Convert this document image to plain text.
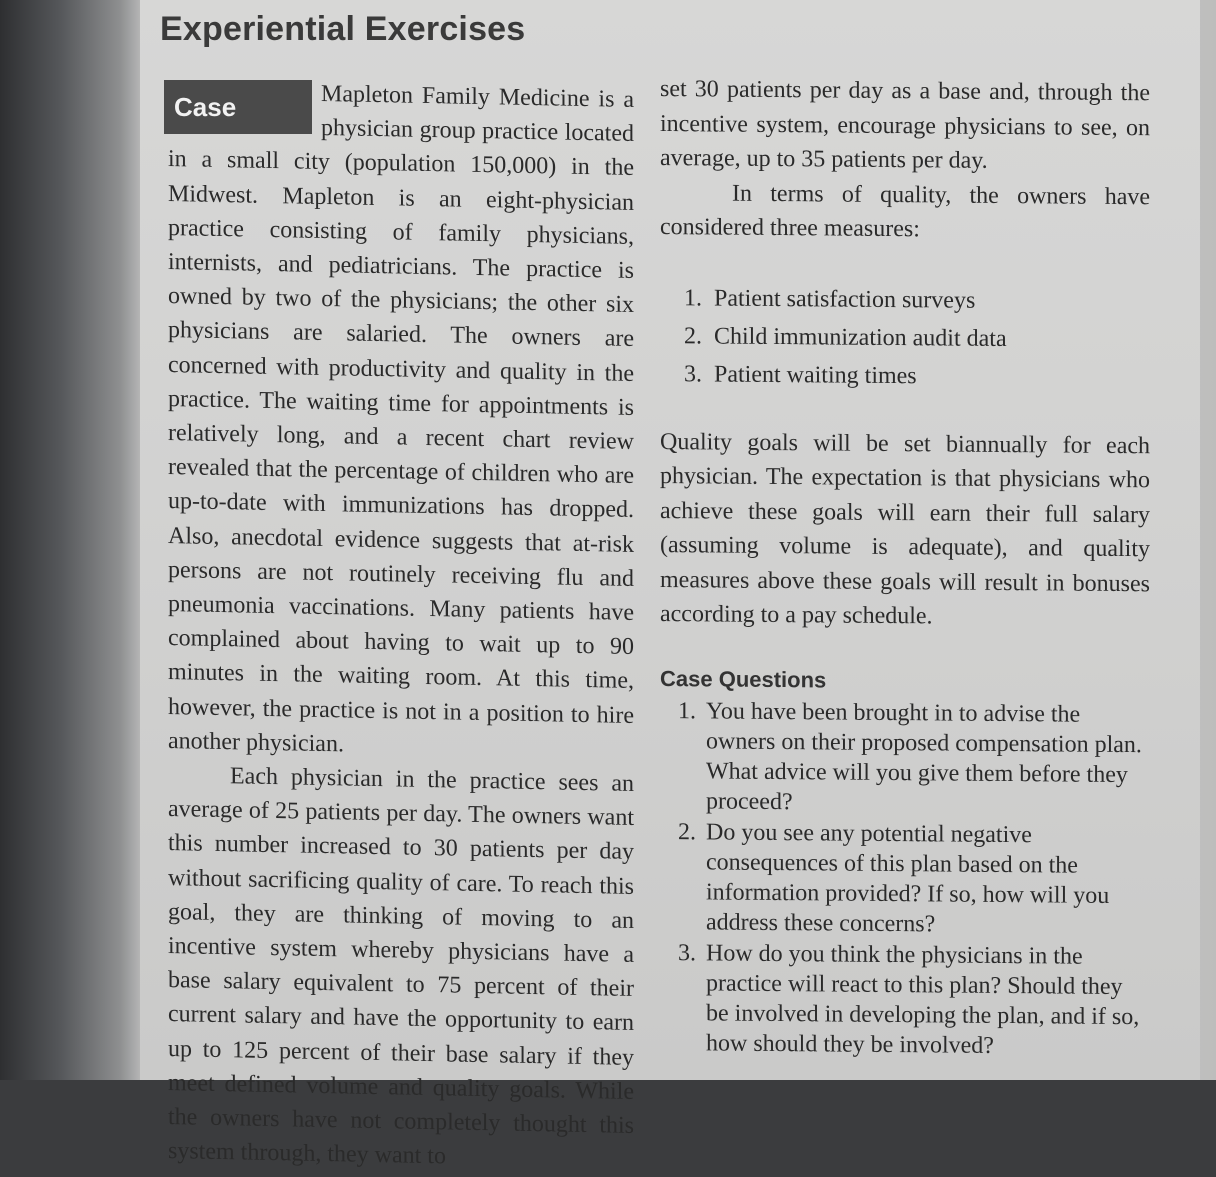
Experiential Exercises
Case	Mapleton Family Medicine is a physician group practice located in a small city (population 150,000) in the Midwest. Mapleton is an eight-physician practice consisting of family physicians, internists, and pediatricians. The practice is owned by two of the physicians; the other six physicians are salaried. The owners are concerned with productivity and quality in the practice. The waiting time for appointments is relatively long, and a recent chart review revealed that the percentage of children who are up-to-date with immunizations has dropped. Also, anecdotal evidence suggests that at-risk persons are not routinely receiving flu and pneumonia vaccinations. Many patients have complained about having to wait up to 90 minutes in the waiting room. At this time, however, the practice is not in a position to hire another physician.

Each physician in the practice sees an average of 25 patients per day. The owners want this number increased to 30 patients per day without sacrificing quality of care. To reach this goal, they are thinking of moving to an incentive system whereby physicians have a base salary equivalent to 75 percent of their current salary and have the opportunity to earn up to 125 percent of their base salary if they meet defined volume and quality goals. While the owners have not completely thought this system through, they want to

set 30 patients per day as a base and, through the incentive system, encourage physicians to see, on average, up to 35 patients per day.

In terms of quality, the owners have considered three measures:

1. Patient satisfaction surveys
2. Child immunization audit data
3. Patient waiting times

Quality goals will be set biannually for each physician. The expectation is that physicians who achieve these goals will earn their full salary (assuming volume is adequate), and quality measures above these goals will result in bonuses according to a pay schedule.

Case Questions
1. You have been brought in to advise the owners on their proposed compensation plan. What advice will you give them before they proceed?
2. Do you see any potential negative consequences of this plan based on the information provided? If so, how will you address these concerns?
3. How do you think the physicians in the practice will react to this plan? Should they be involved in developing the plan, and if so, how should they be involved?
